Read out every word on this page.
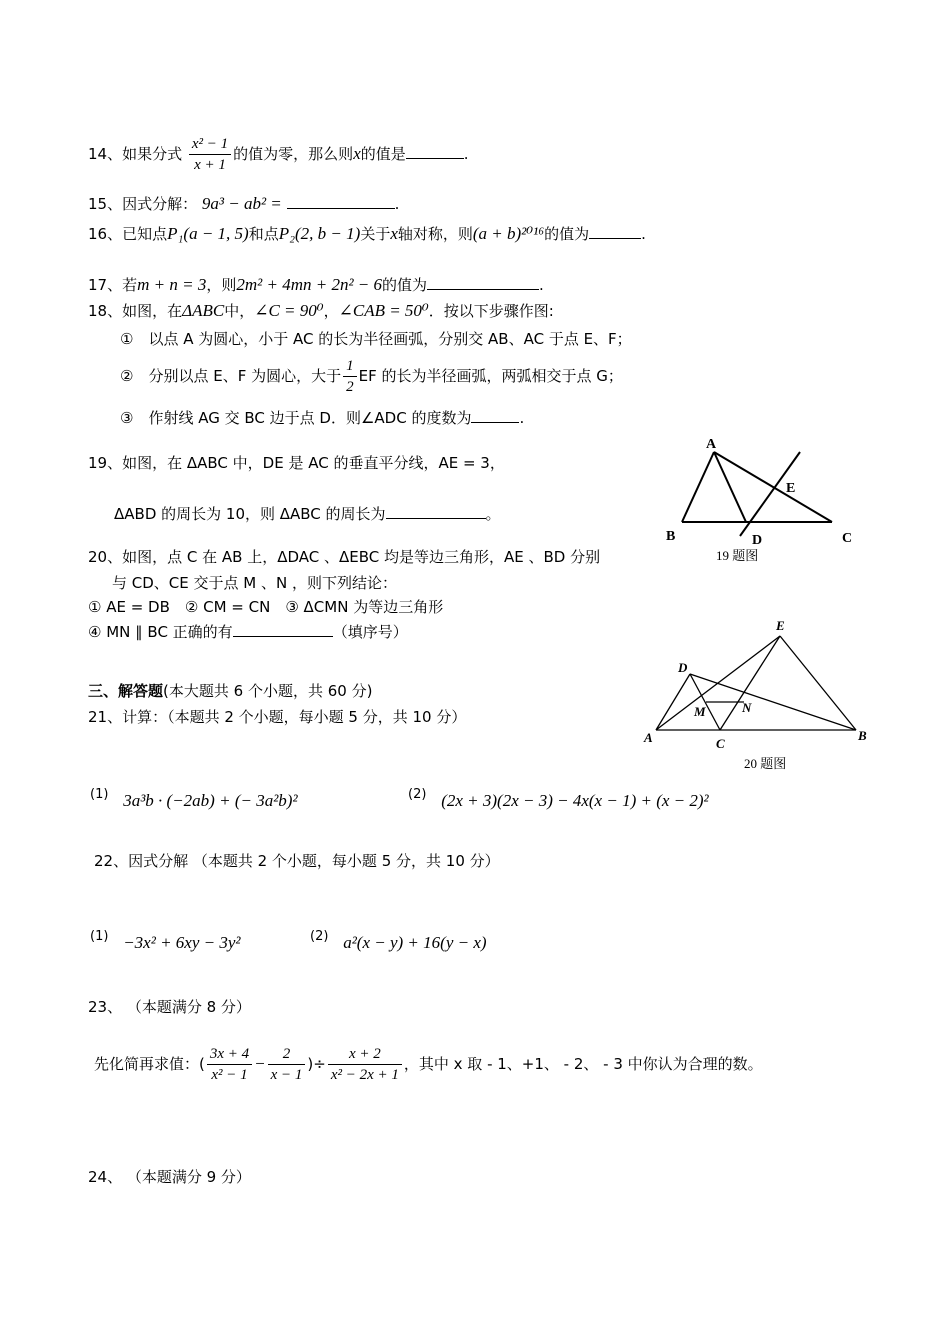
14、如果分式 $\frac{\text{x² − 1}}{x + 1}$ 的值为零，那么则x的值是	.
15、因式分解： 9a³ − ab² =	.
16、已知点P₁(a − 1, 5)和点P₂(2, b − 1)关于x轴对称，则(a + b)²⁰¹⁶的值为	.
17、若m + n = 3，则2m² + 4mn + 2n² − 6的值为	.
18、如图，在ΔABC中，∠C = 90⁰，∠CAB = 50⁰．按以下步骤作图:
①　以点 A 为圆心，小于 AC 的长为半径画弧，分别交 AB、AC 于点 E、F；
②　分别以点 E、F 为圆心，大于 $\frac{1}{2}$ EF 的长为半径画弧，两弧相交于点 G；
③　作射线 AG 交 BC 边于点 D．则∠ADC 的度数为	.
19、如图，在 ΔABC 中，DE 是 AC 的垂直平分线，AE = 3，
ΔABD 的周长为 10，则 ΔABC 的周长为	。
A
B	C
D
E
19 题图
20、如图，点 C 在 AB 上，ΔDAC 、ΔEBC 均是等边三角形，AE 、BD 分别
与 CD、CE 交于点 M 、N ，则下列结论：
① AE = DB　② CM = CN　③ ΔCMN 为等边三角形
④ MN ∥ BC 正确的有	（填序号）
A	B
C
D
E
M	N
20 题图
三、解答题(本大题共 6 个小题，共 60 分)
21、计算：（本题共 2 个小题，每小题 5 分，共 10 分）
(1) 3a³b · (−2ab) + (− 3a²b)²	(2) (2x + 3)(2x − 3) − 4x(x − 1) + (x − 2)²
22、因式分解 （本题共 2 个小题，每小题 5 分，共 10 分）
(1) −3x² + 6xy − 3y²	(2) a²(x − y) + 16(y − x)
23、 （本题满分 8 分）
先化简再求值：( $\frac{3x + 4}{\text{x² − 1}} - \frac{2}{x - 1}$ )÷ $\frac{x + 2}{\text{x² − 2x + 1}}$ ，其中 x 取 - 1、+1、 - 2、 - 3 中你认为合理的数。
24、 （本题满分 9 分）
